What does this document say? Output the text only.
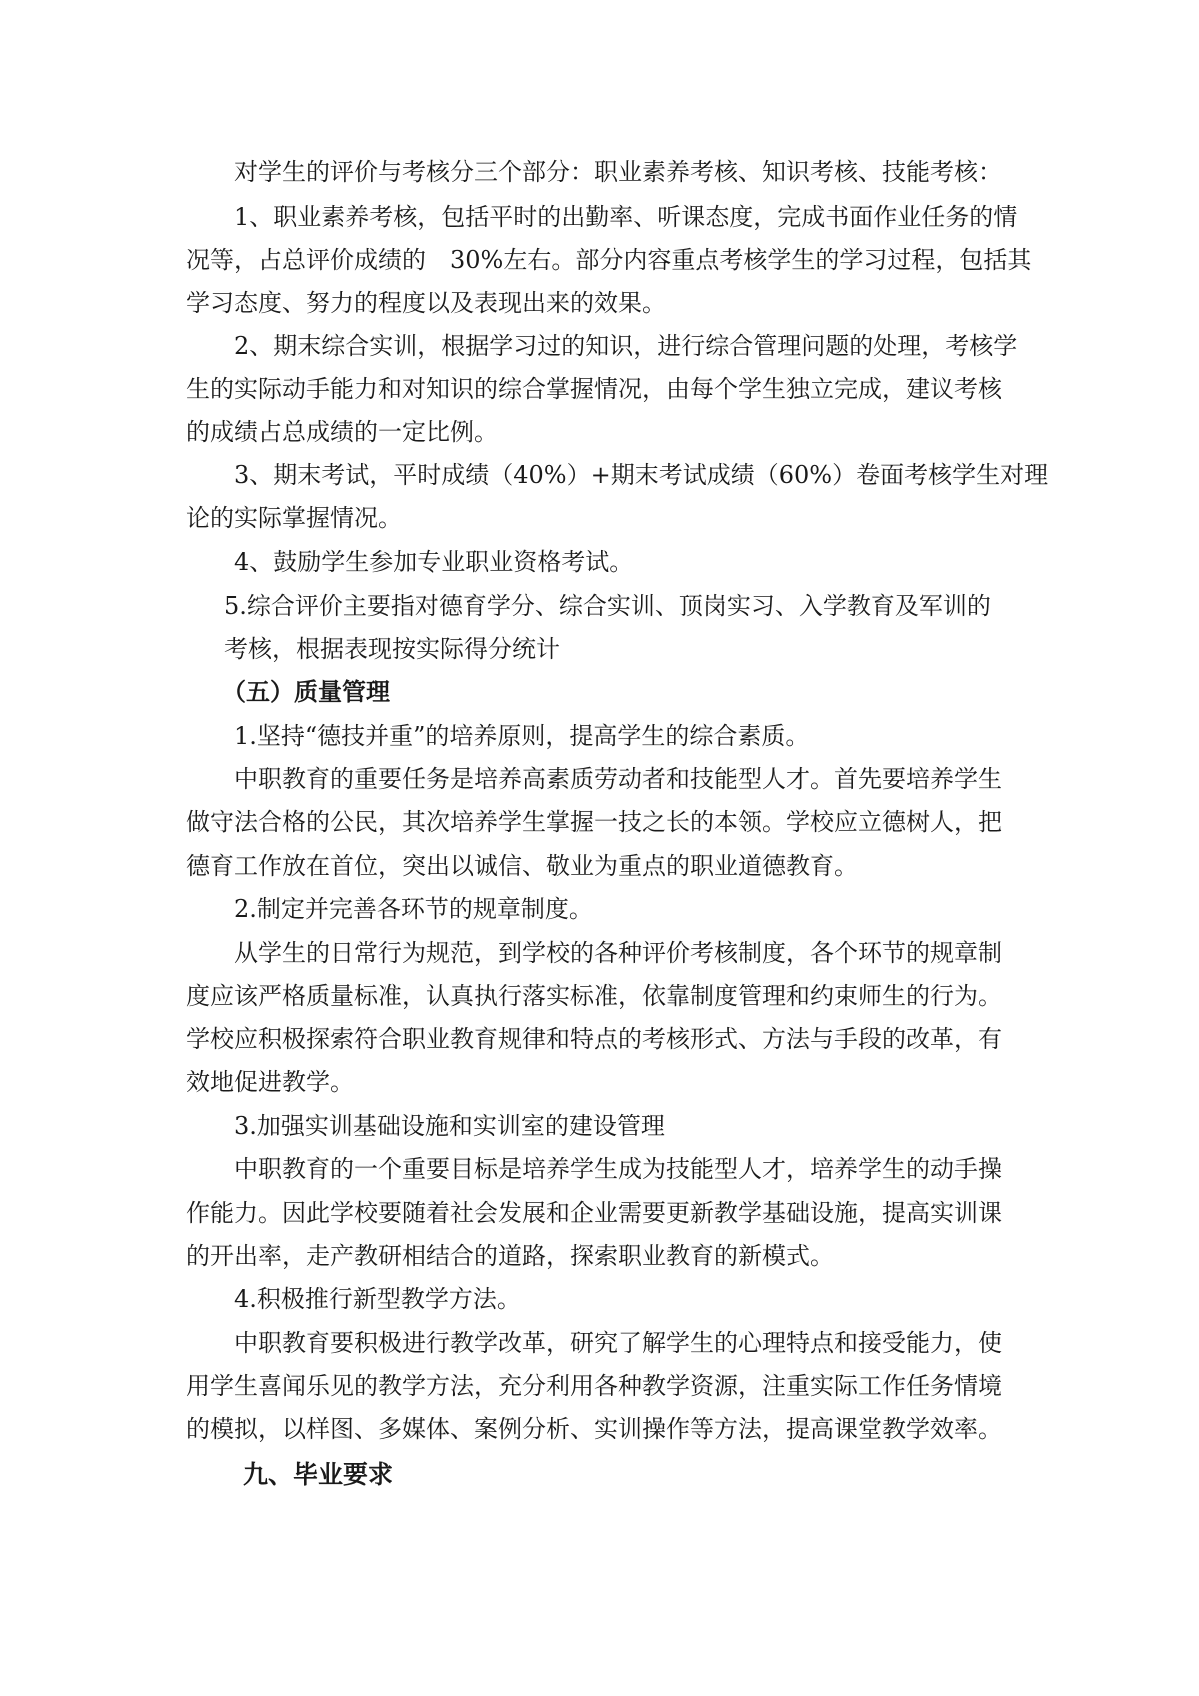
对学生的评价与考核分三个部分：职业素养考核、知识考核、技能考核：
1、职业素养考核，包括平时的出勤率、听课态度，完成书面作业任务的情
况等，占总评价成绩的　30%左右。部分内容重点考核学生的学习过程，包括其
学习态度、努力的程度以及表现出来的效果。
2、期末综合实训，根据学习过的知识，进行综合管理问题的处理，考核学
生的实际动手能力和对知识的综合掌握情况，由每个学生独立完成，建议考核
的成绩占总成绩的一定比例。
3、期末考试，平时成绩（40%）+期末考试成绩（60%）卷面考核学生对理
论的实际掌握情况。
4、鼓励学生参加专业职业资格考试。
5.综合评价主要指对德育学分、综合实训、顶岗实习、入学教育及军训的
考核，根据表现按实际得分统计
（五）质量管理
1.坚持“德技并重”的培养原则，提高学生的综合素质。
中职教育的重要任务是培养高素质劳动者和技能型人才。首先要培养学生
做守法合格的公民，其次培养学生掌握一技之长的本领。学校应立德树人，把
德育工作放在首位，突出以诚信、敬业为重点的职业道德教育。
2.制定并完善各环节的规章制度。
从学生的日常行为规范，到学校的各种评价考核制度，各个环节的规章制
度应该严格质量标准，认真执行落实标准，依靠制度管理和约束师生的行为。
学校应积极探索符合职业教育规律和特点的考核形式、方法与手段的改革，有
效地促进教学。
3.加强实训基础设施和实训室的建设管理
中职教育的一个重要目标是培养学生成为技能型人才，培养学生的动手操
作能力。因此学校要随着社会发展和企业需要更新教学基础设施，提高实训课
的开出率，走产教研相结合的道路，探索职业教育的新模式。
4.积极推行新型教学方法。
中职教育要积极进行教学改革，研究了解学生的心理特点和接受能力，使
用学生喜闻乐见的教学方法，充分利用各种教学资源，注重实际工作任务情境
的模拟，以样图、多媒体、案例分析、实训操作等方法，提高课堂教学效率。
九、毕业要求
